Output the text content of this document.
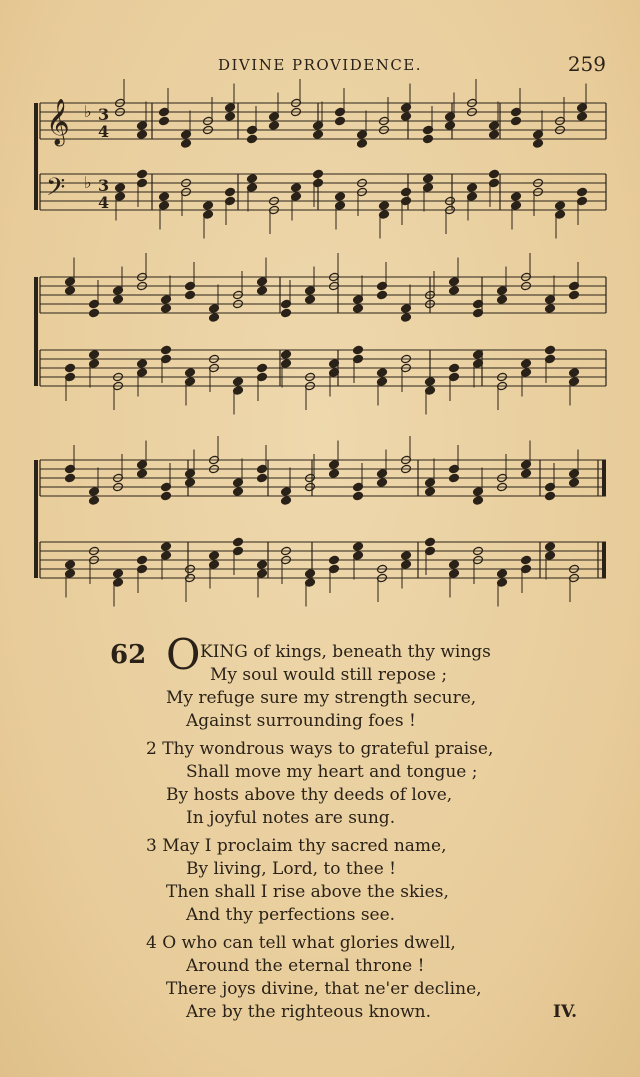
DIVINE PROVIDENCE.	259
𝄞
𝄢
3
4
♭
3
4
♭
62 O KING of kings, beneath thy wings
My soul would still repose ;
My refuge sure my strength secure,
Against surrounding foes !
2 Thy wondrous ways to grateful praise,
Shall move my heart and tongue ;
By hosts above thy deeds of love,
In joyful notes are sung.
3 May I proclaim thy sacred name,
By living, Lord, to thee !
Then shall I rise above the skies,
And thy perfections see.
4 O who can tell what glories dwell,
Around the eternal throne !
There joys divine, that ne'er decline,
Are by the righteous known.	IV.
